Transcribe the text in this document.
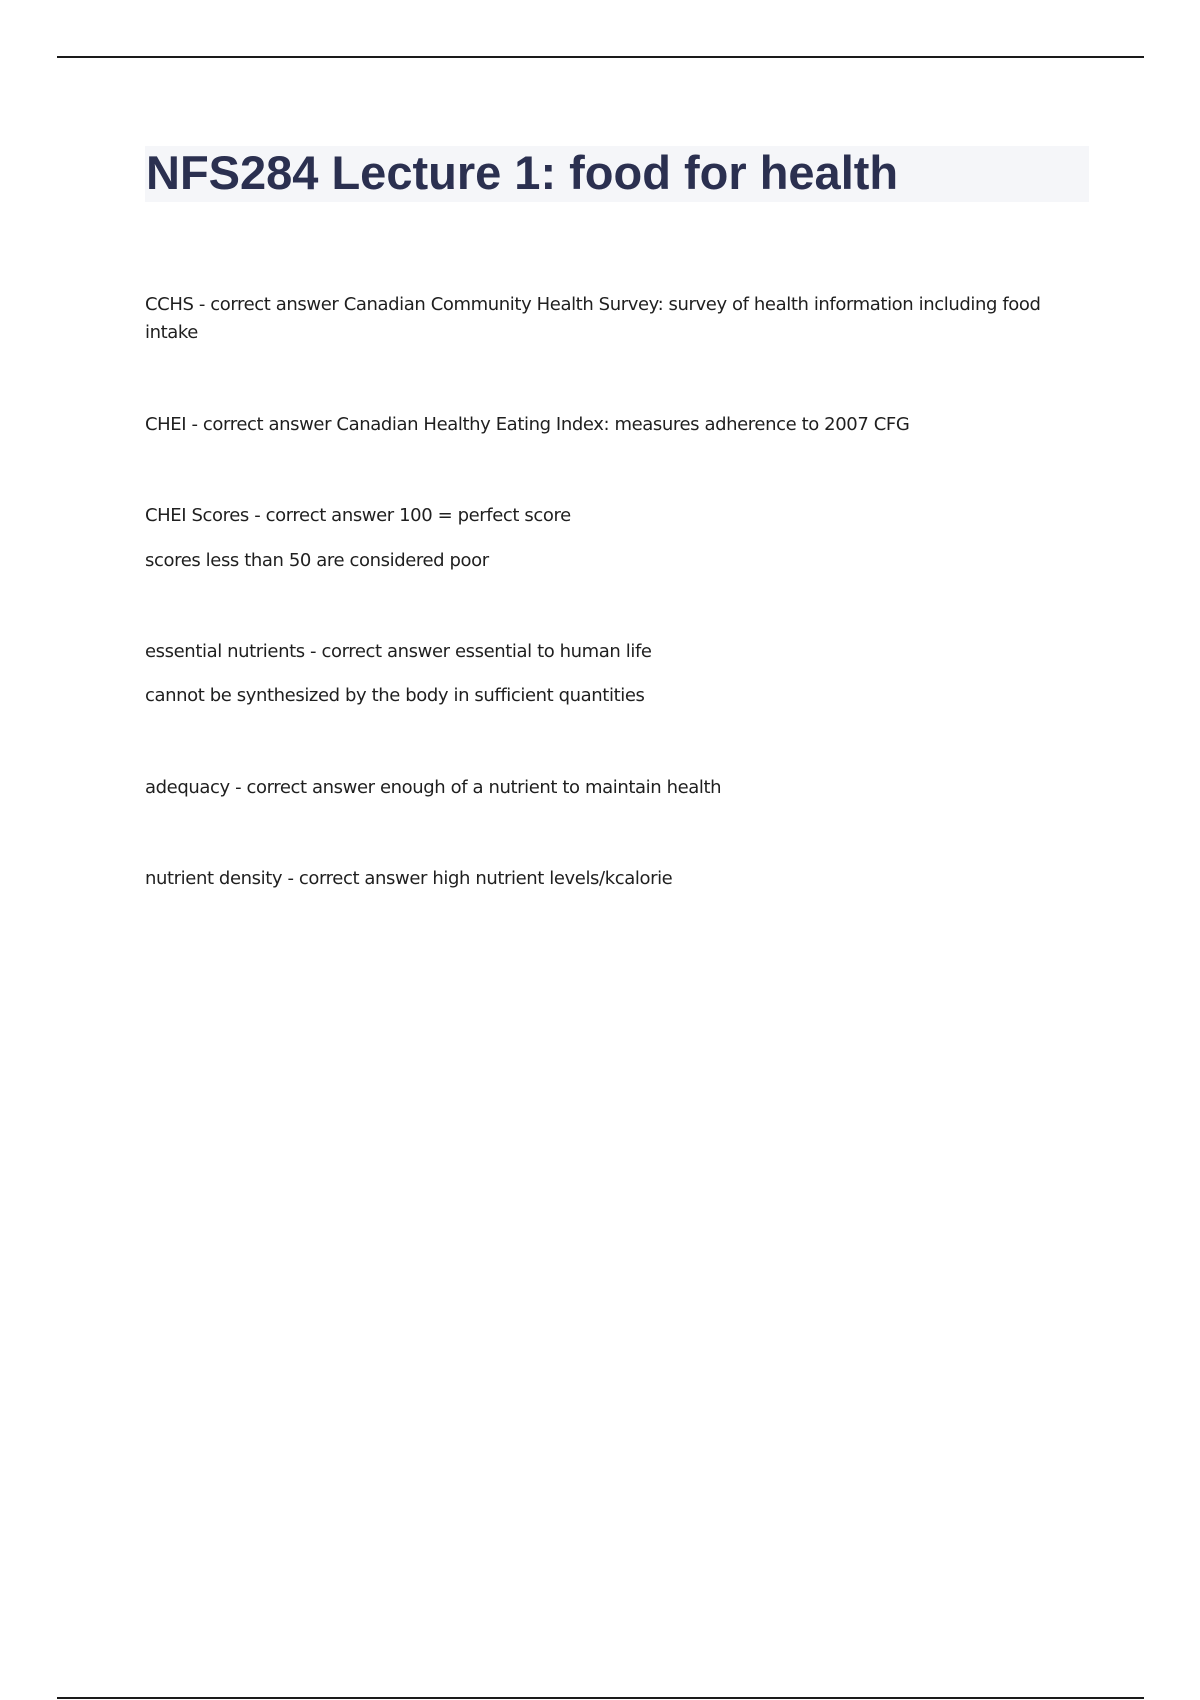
NFS284 Lecture 1: food for health

CCHS - correct answer Canadian Community Health Survey: survey of health information including food intake

CHEI - correct answer Canadian Healthy Eating Index: measures adherence to 2007 CFG

CHEI Scores - correct answer 100 = perfect score

scores less than 50 are considered poor

essential nutrients - correct answer essential to human life

cannot be synthesized by the body in sufficient quantities

adequacy - correct answer enough of a nutrient to maintain health

nutrient density - correct answer high nutrient levels/kcalorie
